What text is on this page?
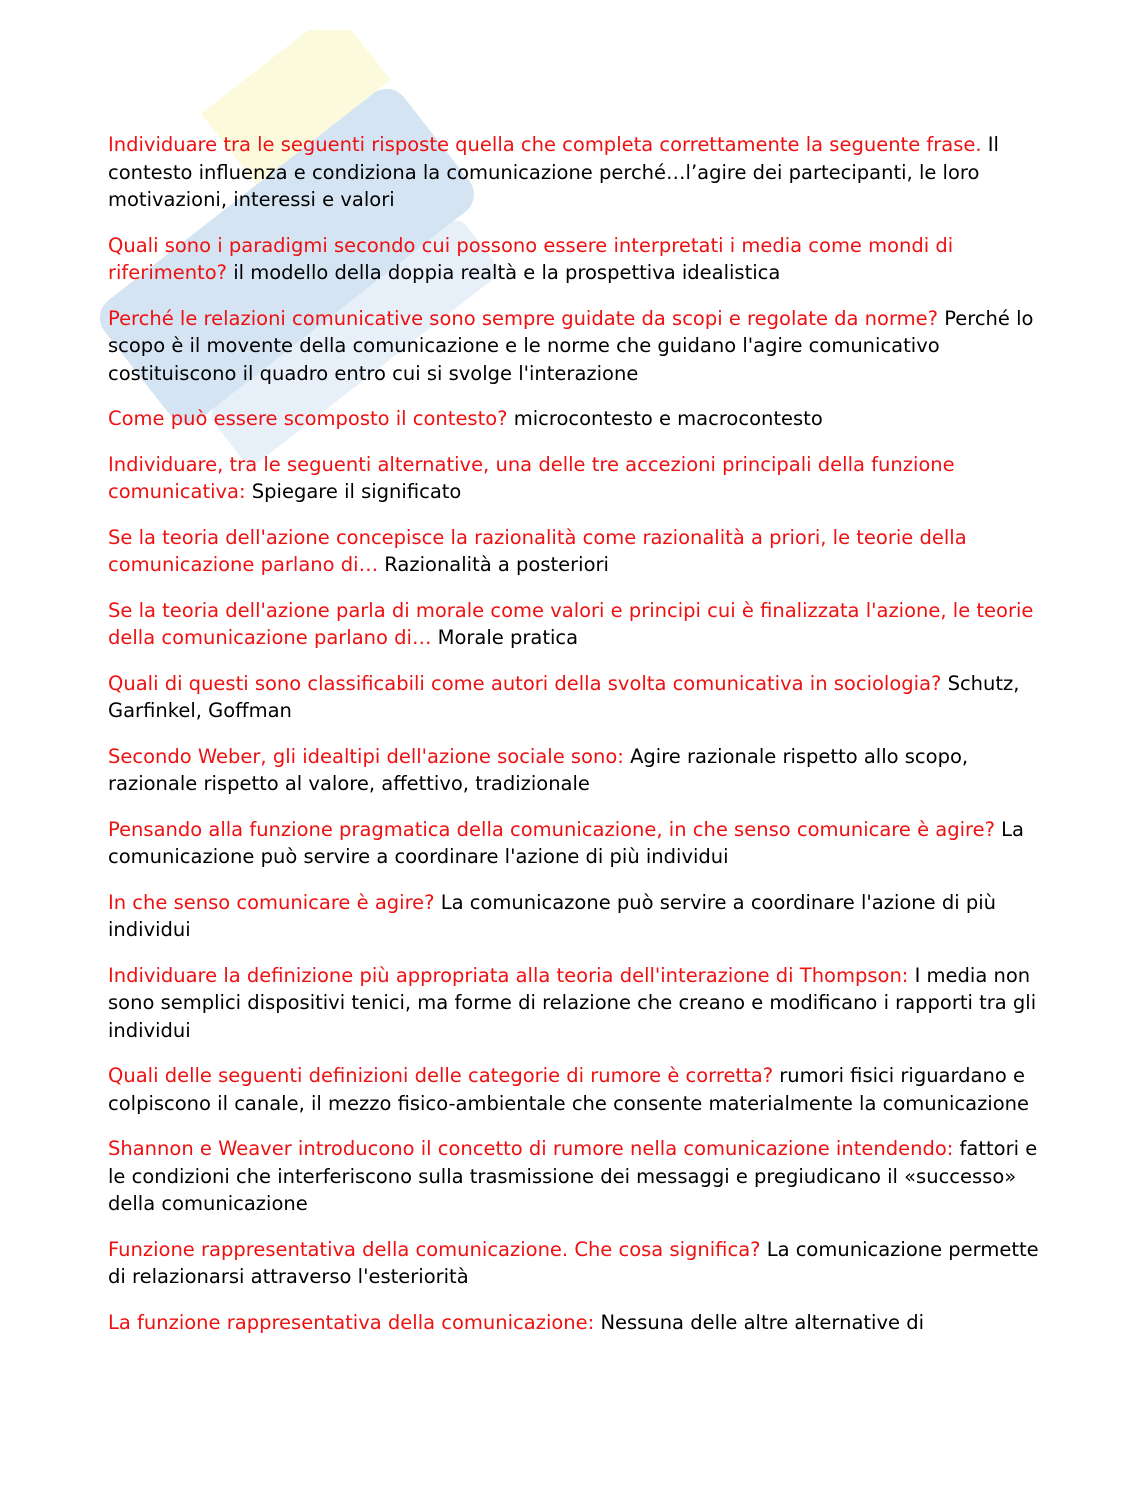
Individuare tra le seguenti risposte quella che completa correttamente la seguente frase. Il contesto influenza e condiziona la comunicazione perché…l’agire dei partecipanti, le loro motivazioni, interessi e valori

Quali sono i paradigmi secondo cui possono essere interpretati i media come mondi di riferimento? il modello della doppia realtà e la prospettiva idealistica

Perché le relazioni comunicative sono sempre guidate da scopi e regolate da norme? Perché lo scopo è il movente della comunicazione e le norme che guidano l'agire comunicativo costituiscono il quadro entro cui si svolge l'interazione

Come può essere scomposto il contesto? microcontesto e macrocontesto

Individuare, tra le seguenti alternative, una delle tre accezioni principali della funzione comunicativa: Spiegare il significato

Se la teoria dell'azione concepisce la razionalità come razionalità a priori, le teorie della comunicazione parlano di… Razionalità a posteriori

Se la teoria dell'azione parla di morale come valori e principi cui è finalizzata l'azione, le teorie della comunicazione parlano di… Morale pratica

Quali di questi sono classificabili come autori della svolta comunicativa in sociologia? Schutz, Garfinkel, Goffman

Secondo Weber, gli idealtipi dell'azione sociale sono: Agire razionale rispetto allo scopo, razionale rispetto al valore, affettivo, tradizionale

Pensando alla funzione pragmatica della comunicazione, in che senso comunicare è agire? La comunicazione può servire a coordinare l'azione di più individui

In che senso comunicare è agire? La comunicazone può servire a coordinare l'azione di più individui

Individuare la definizione più appropriata alla teoria dell'interazione di Thompson: I media non sono semplici dispositivi tenici, ma forme di relazione che creano e modificano i rapporti tra gli individui

Quali delle seguenti definizioni delle categorie di rumore è corretta? rumori fisici riguardano e colpiscono il canale, il mezzo fisico-ambientale che consente materialmente la comunicazione

Shannon e Weaver introducono il concetto di rumore nella comunicazione intendendo: fattori e le condizioni che interferiscono sulla trasmissione dei messaggi e pregiudicano il «successo» della comunicazione

Funzione rappresentativa della comunicazione. Che cosa significa? La comunicazione permette di relazionarsi attraverso l'esteriorità

La funzione rappresentativa della comunicazione: Nessuna delle altre alternative di
